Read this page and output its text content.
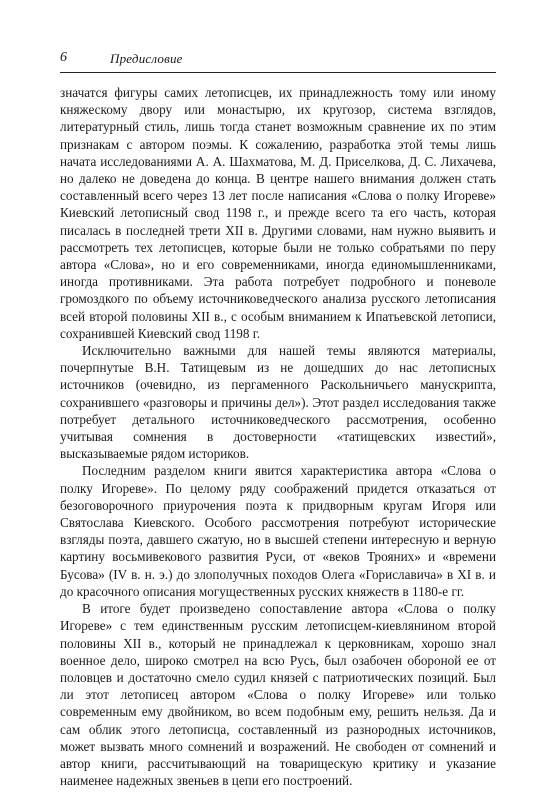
6	Предисловие

значатся фигуры самих летописцев, их принадлежность тому или иному княжескому двору или монастырю, их кругозор, система взглядов, литературный стиль, лишь тогда станет возможным сравнение их по этим признакам с автором поэмы. К сожалению, разработка этой темы лишь начата исследованиями А. А. Шахматова, М. Д. Приселкова, Д. С. Лихачева, но далеко не доведена до конца. В центре нашего внимания должен стать составленный всего через 13 лет после написания «Слова о полку Игореве» Киевский летописный свод 1198 г., и прежде всего та его часть, которая писалась в последней трети XII в. Другими словами, нам нужно выявить и рассмотреть тех летописцев, которые были не только собратьями по перу автора «Слова», но и его современниками, иногда единомышленниками, иногда противниками. Эта работа потребует подробного и поневоле громоздкого по объему источниковедческого анализа русского летописания всей второй половины XII в., с особым вниманием к Ипатьевской летописи, сохранившей Киевский свод 1198 г.

Исключительно важными для нашей темы являются материалы, почерпнутые В.Н. Татищевым из не дошедших до нас летописных источников (очевидно, из пергаменного Раскольничьего манускрипта, сохранившего «разговоры и причины дел»). Этот раздел исследования также потребует детального источниковедческого рассмотрения, особенно учитывая сомнения в достоверности «татищевских известий», высказываемые рядом историков.

Последним разделом книги явится характеристика автора «Слова о полку Игореве». По целому ряду соображений придется отказаться от безоговорочного приурочения поэта к придворным кругам Игоря или Святослава Киевского. Особого рассмотрения потребуют исторические взгляды поэта, давшего сжатую, но в высшей степени интересную и верную картину восьмивекового развития Руси, от «веков Трояних» и «времени Бусова» (IV в. н. э.) до злополучных походов Олега «Гориславича» в XI в. и до красочного описания могущественных русских княжеств в 1180-е гг.

В итоге будет произведено сопоставление автора «Слова о полку Игореве» с тем единственным русским летописцем-киевлянином второй половины XII в., который не принадлежал к церковникам, хорошо знал военное дело, широко смотрел на всю Русь, был озабочен обороной ее от половцев и достаточно смело судил князей с патриотических позиций. Был ли этот летописец автором «Слова о полку Игореве» или только современным ему двойником, во всем подобным ему, решить нельзя. Да и сам облик этого летописца, составленный из разнородных источников, может вызвать много сомнений и возражений. Не свободен от сомнений и автор книги, рассчитывающий на товарищескую критику и указание наименее надежных звеньев в цепи его построений.
